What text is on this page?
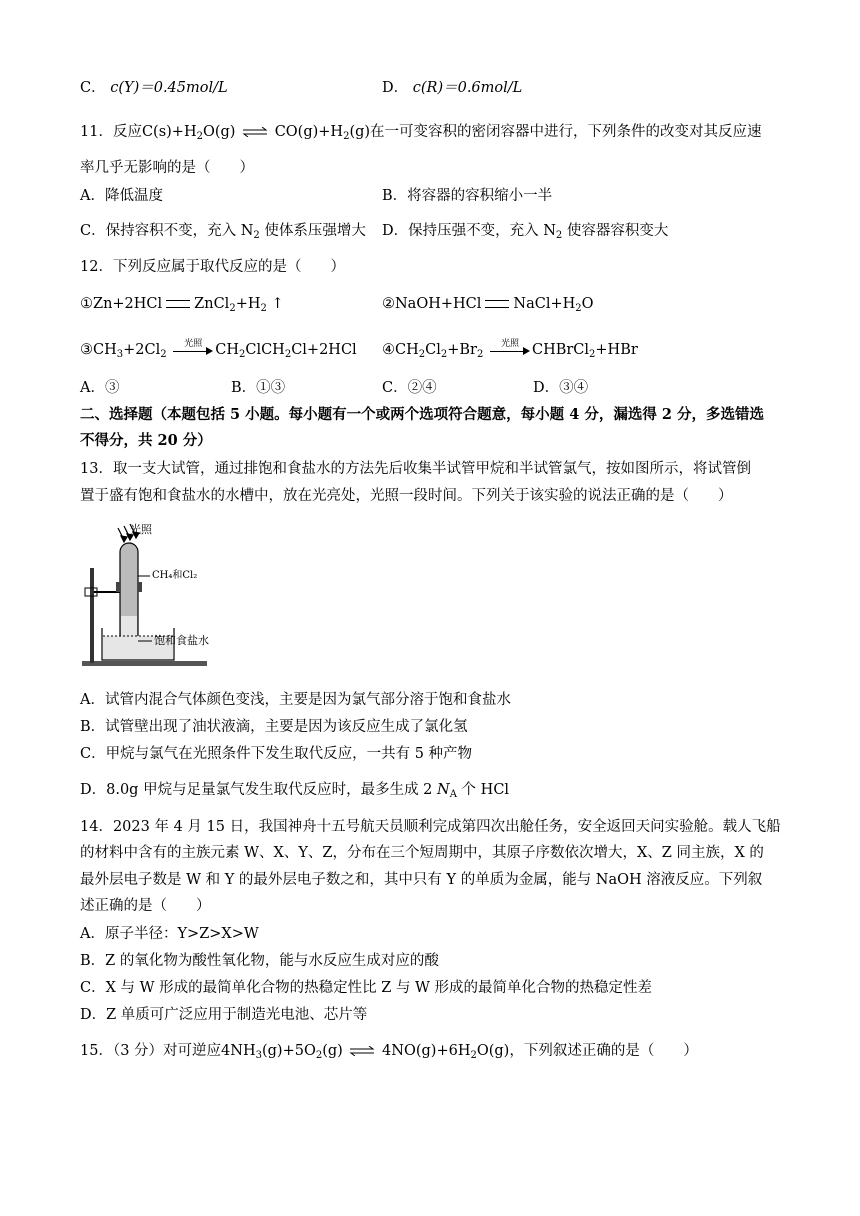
C． c(Y)＝0.45mol/L	D． c(R)＝0.6mol/L
11．反应$C(s)+H_2O(g)$ ⇌ $CO(g)+H_2(g)$在一可变容积的密闭容器中进行，下列条件的改变对其反应速
率几乎无影响的是（　　）
A．降低温度	B．将容器的容积缩小一半
C．保持容积不变，充入 $N_2$ 使体系压强增大 D．保持压强不变，充入 $N_2$ 使容器容积变大
12．下列反应属于取代反应的是（　　）
①Zn+2HCl $ZnCl_2+H_2$ ↑	②NaOH+HCl $NaCl+H_2O$
$③CH_3+2Cl_2$
光照 $CH_2ClCH_2Cl+2HCl$ $④CH_2Cl_2+Br_2$
光照 CHBrCl$_2$+HBr
A．③	B．①③	C．②④	D．③④
二、选择题（本题包括 5 小题。每小题有一个或两个选项符合题意，每小题 4 分，漏选得 2 分，多选错选
不得分，共 20 分）
13．取一支大试管，通过排饱和食盐水的方法先后收集半试管甲烷和半试管氯气，按如图所示，将试管倒
置于盛有饱和食盐水的水槽中，放在光亮处，光照一段时间。下列关于该实验的说法正确的是（　　）
光照
CH₄和Cl₂
饱和食盐水
A．试管内混合气体颜色变浅，主要是因为氯气部分溶于饱和食盐水
B．试管壁出现了油状液滴，主要是因为该反应生成了氯化氢
C．甲烷与氯气在光照条件下发生取代反应，一共有 5 种产物
D．8.0g 甲烷与足量氯气发生取代反应时，最多生成 2 $N_A$ 个 HCl
14．2023 年 4 月 15 日，我国神舟十五号航天员顺利完成第四次出舱任务，安全返回天问实验舱。载人飞船
的材料中含有的主族元素 W、X、Y、Z，分布在三个短周期中，其原子序数依次增大，X、Z 同主族，X 的
最外层电子数是 W 和 Y 的最外层电子数之和，其中只有 Y 的单质为金属，能与 NaOH 溶液反应。下列叙
述正确的是（　　）
A．原子半径：Y>Z>X>W
B．Z 的氧化物为酸性氧化物，能与水反应生成对应的酸
C．X 与 W 形成的最简单化合物的热稳定性比 Z 与 W 形成的最简单化合物的热稳定性差
D．Z 单质可广泛应用于制造光电池、芯片等
15．（3 分）对可逆应$4NH_3(g)+5O_2(g)$ ⇌ $4NO(g)+6H_2O(g)$，下列叙述正确的是（　　）
